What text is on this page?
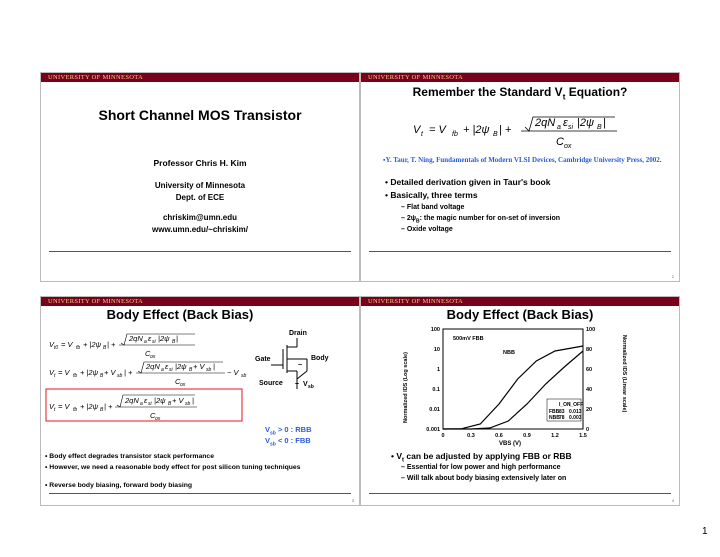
UNIVERSITY OF MINNESOTA
Short Channel MOS Transistor
Professor Chris H. Kim
University of Minnesota
Dept. of ECE
chriskim@umn.edu
www.umn.edu/~chriskim/
UNIVERSITY OF MINNESOTA
Remember the Standard $V_t$ Equation?
V t = V fb + |2ψ B | +
2qN a ε si |2ψ B |
C ox
▪Y. Taur, T. Ning, Fundamentals of Modern VLSI Devices, Cambridge University Press, 2002.
• Detailed derivation given in Taur's book
• Basically, three terms
– Flat band voltage
– $2\psi_B$: the magic number for on-set of inversion
– Oxide voltage
2
UNIVERSITY OF MINNESOTA
Body Effect (Back Bias)
V t0 = V fb + |2ψ B | +
2qN a ε si |2ψ B |
C ox
V t = V fb + |2ψ B + V sb | +
2qN a ε si |2ψ B + V sb |
− V sb
C ox
V t = V fb + |2ψ B | +
2qN a ε si |2ψ B + V sb |
C ox
Drain
Gate	Body
Source + V sb
−
$V_{sb} > 0$ : RBB
$V_{sb} < 0$ : FBB
• Body effect degrades transistor stack performance
• However, we need a reasonable body effect for post silicon tuning techniques
• Reverse body biasing, forward body biasing
3
UNIVERSITY OF MINNESOTA
Body Effect (Back Bias)
100
10
1
0.1
0.01
0.001
100
80
60
40
20
0
0	0.3	0.6	0.9	1.2	1.5
500mV FBB
NBB
Normalized IDS (Log scale)	Normalized IDS (Linear scale)
VBS (V)
I_ON
I_OFF
FBB 83 0.013
NBB 78 0.003
• $V_t$ can be adjusted by applying FBB or RBB
– Essential for low power and high performance
– Will talk about body biasing extensively later on
4
1
